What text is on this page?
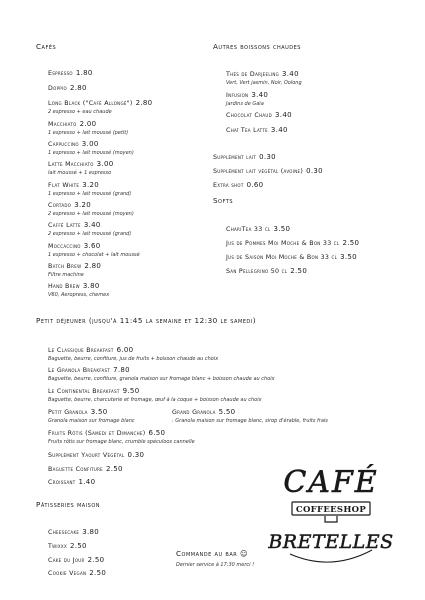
Cafés
Espresso 1.80
Doppio 2.80
Long Black ("Café Allongé") 2.80
2 espresso + eau chaude
Macchiato 2.00
1 espresso + lait moussé (petit)
Cappuccino 3.00
1 espresso + lait moussé (moyen)
Latte Macchiato 3.00
lait moussé + 1 espresso
Flat White 3.20
1 espresso + lait moussé (grand)
Cortado 3.20
2 espresso + lait moussé (moyen)
Caffè Latte 3.40
2 espresso + lait moussé (grand)
Moccaccino 3.60
1 espresso + chocolat + lait moussé
Batch Brew 2.80
Filtre machine
Hand Brew 3.80
V60, Aeropress, chemex
Autres boissons chaudes
Thés de Darjeeling 3.40
Vert, Vert jasmin, Noir, Oolong
Infusion 3.40
Jardins de Gaïa
Chocolat Chaud 3.40
Chaï Tea Latte 3.40
Supplément lait 0.30
Supplément lait végétal (avoine) 0.30
Extra shot 0.60
Softs
ChariTea 33 cl 3.50
Jus de Pommes Moi Moche & Bon 33 cl 2.50
Jus de Saison Moi Moche & Bon 33 cl 3.50
San Pellegrino 50 cl 2.50
Petit déjeuner (jusqu'à 11:45 la semaine et 12:30 le samedi)
Le Classique Breakfast 6.00
Baguette, beurre, confiture, jus de fruits + boisson chaude au choix
Le Granola Breakfast 7.80
Baguette, beurre, confiture, granola maison sur fromage blanc + boisson chaude au choix
Le Continental Breakfast 9.50
Baguette, beurre, charcuterie et fromage, œuf à la coque + boisson chaude au choix
Petit Granola 3.50
Granola maison sur fromage blanc
Grand Granola 5.50
: Granola maison sur fromage blanc, sirop d'érable, fruits frais
Fruits Rôtis (Samedi et Dimanche) 6.50
Fruits rôtis sur fromage blanc, crumble spéculoos cannelle
Supplément Yaourt Végétal 0.30
Baguette Confiture 2.50
Croissant 1.40
Pâtisseries maison
Cheesecake 3.80
Twixxx 2.50
Cake du Jour 2.50
Cookie Vegan 2.50
Commande au bar ☺
Dernier service à 17:30 merci !
CAFÉ
COFFEESHOP
BRETELLES
